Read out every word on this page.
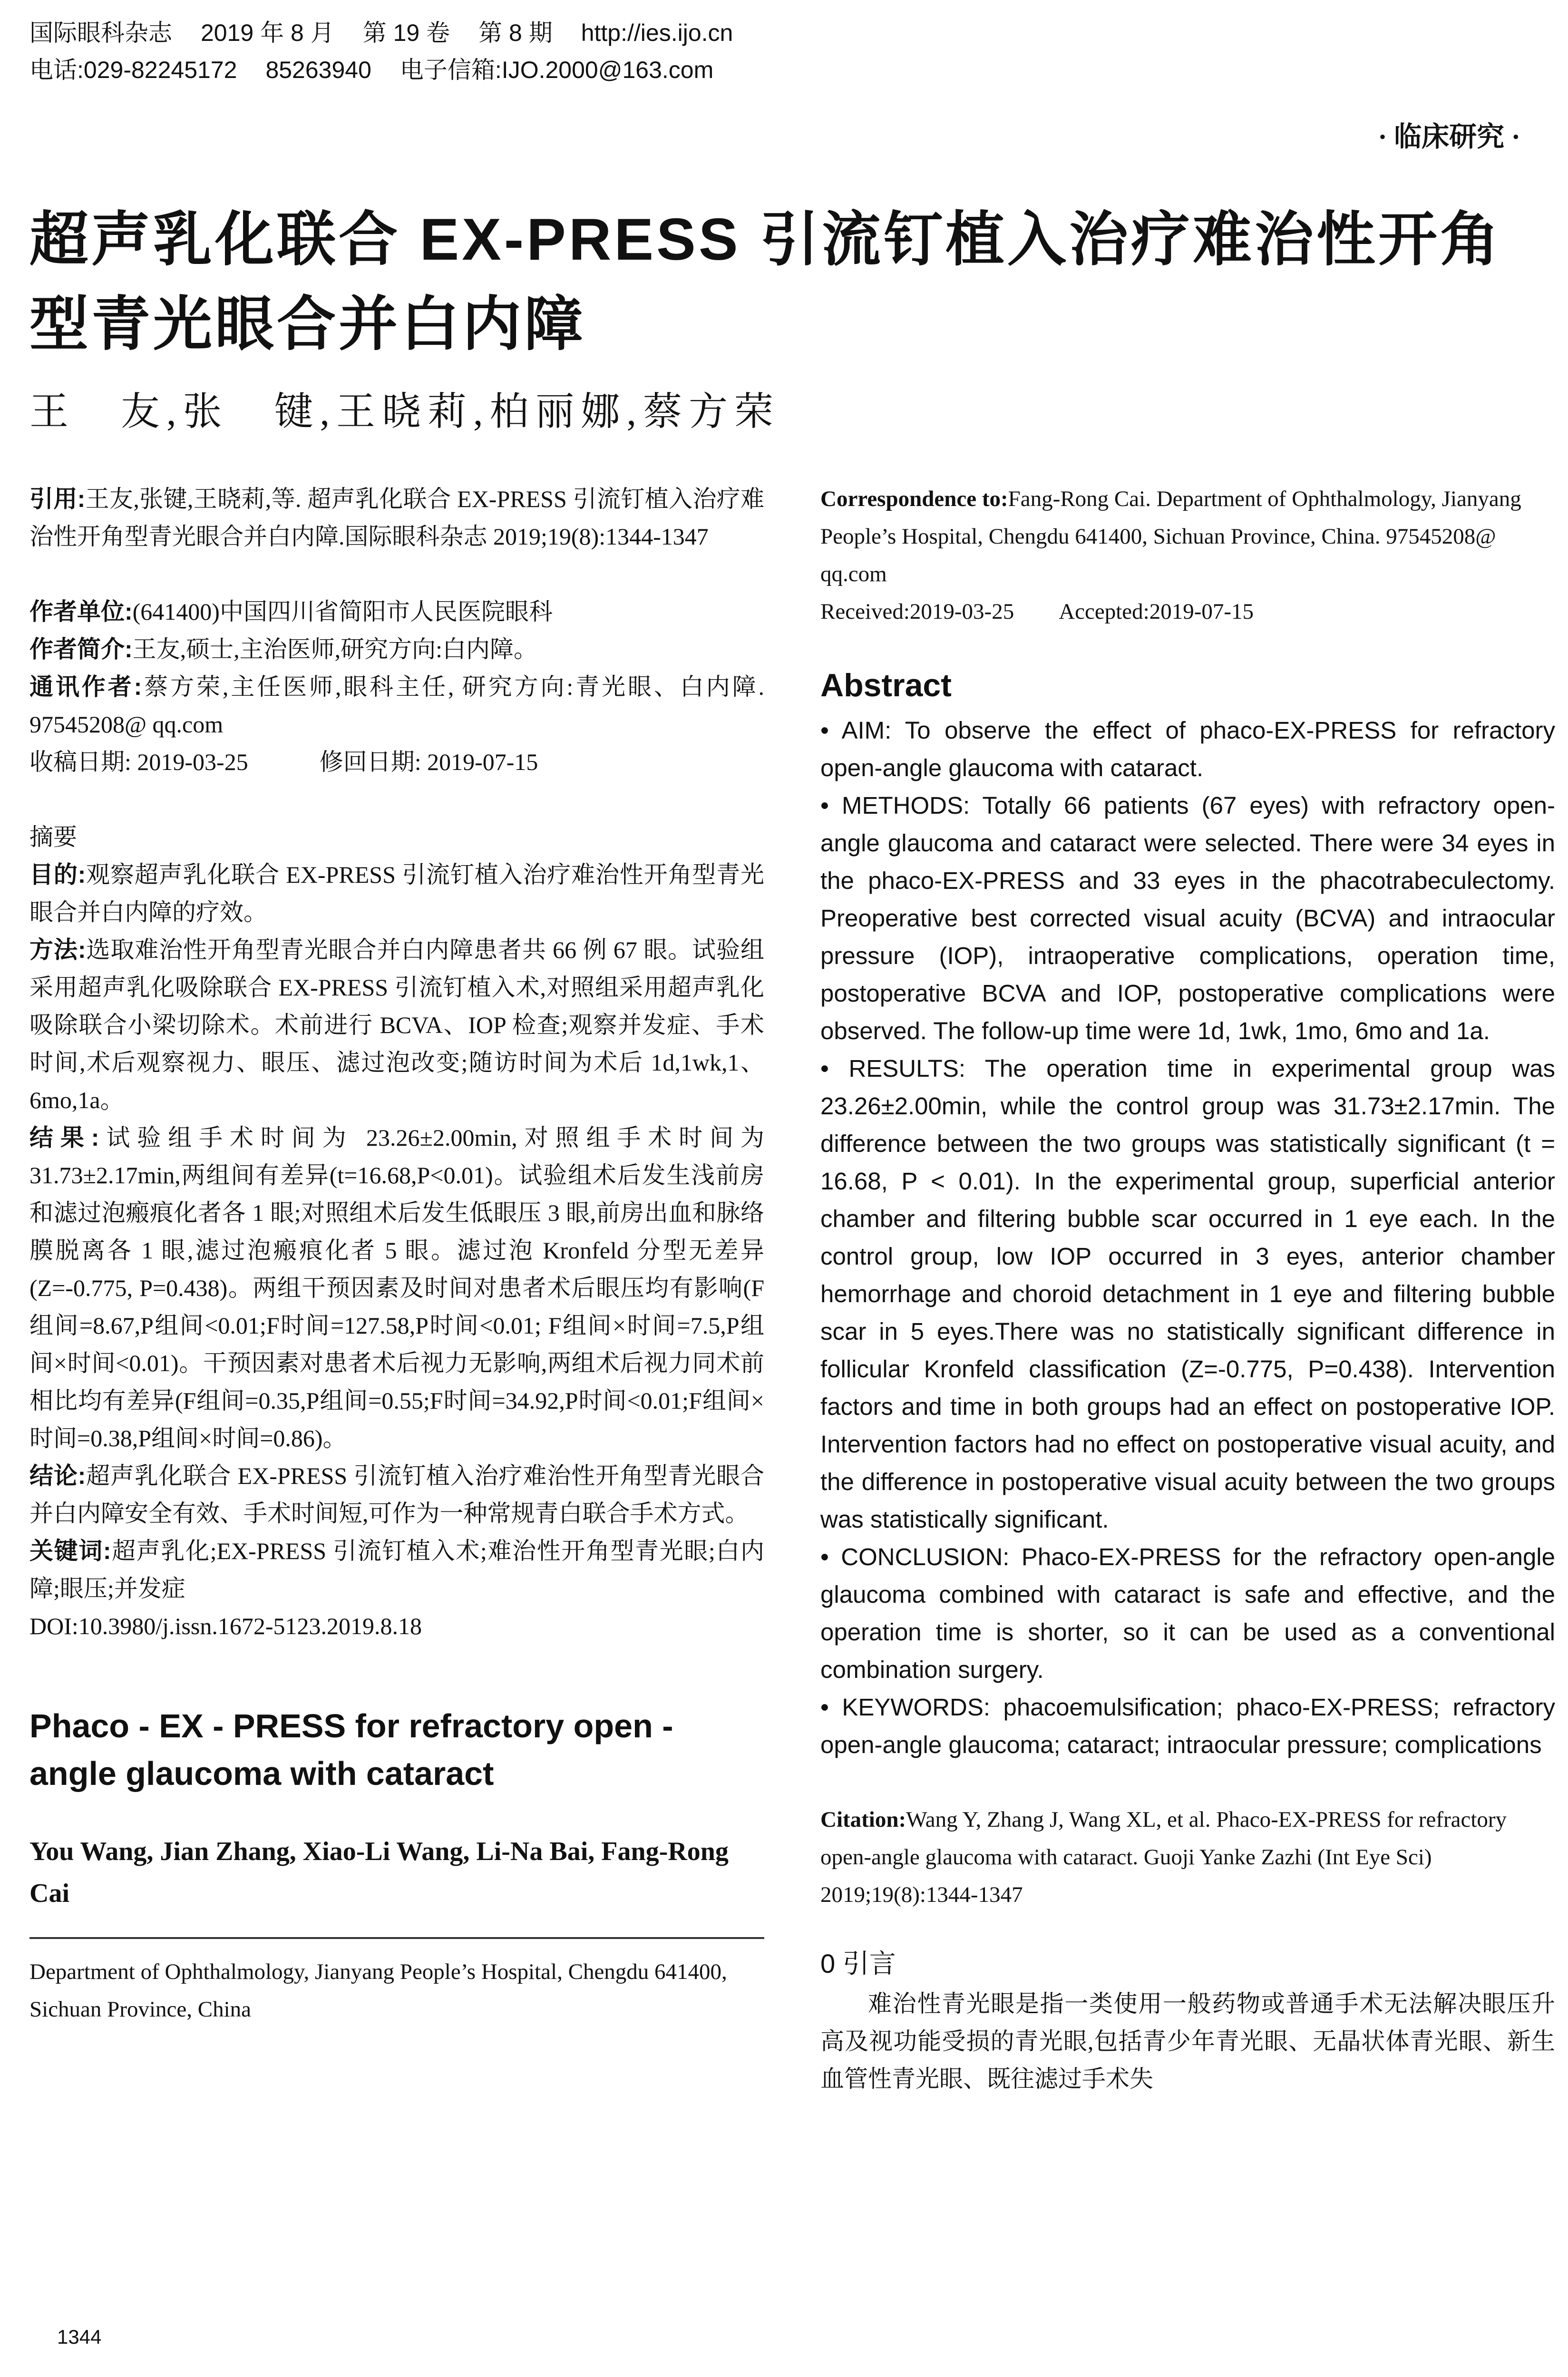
国际眼科杂志 2019 年 8 月 第 19 卷 第 8 期 http://ies.ijo.cn
电话:029-82245172 85263940 电子信箱:IJO.2000@163.com
· 临床研究 ·
超声乳化联合 EX-PRESS 引流钉植入治疗难治性开角型青光眼合并白内障
王　友,张　键,王晓莉,柏丽娜,蔡方荣

引用:王友,张键,王晓莉,等. 超声乳化联合 EX-PRESS 引流钉植入治疗难治性开角型青光眼合并白内障.国际眼科杂志 2019;19(8):1344-1347

作者单位:(641400)中国四川省简阳市人民医院眼科

作者简介:王友,硕士,主治医师,研究方向:白内障。

通讯作者:蔡方荣,主任医师,眼科主任, 研究方向:青光眼、白内障. 97545208@ qq.com

收稿日期: 2019-03-25　　　修回日期: 2019-07-15

摘要

目的:观察超声乳化联合 EX-PRESS 引流钉植入治疗难治性开角型青光眼合并白内障的疗效。

方法:选取难治性开角型青光眼合并白内障患者共 66 例 67 眼。试验组采用超声乳化吸除联合 EX-PRESS 引流钉植入术,对照组采用超声乳化吸除联合小梁切除术。术前进行 BCVA、IOP 检查;观察并发症、手术时间,术后观察视力、眼压、滤过泡改变;随访时间为术后 1d,1wk,1、6mo,1a。

结果:试验组手术时间为 23.26±2.00min,对照组手术时间为31.73±2.17min,两组间有差异(t=16.68,P<0.01)。试验组术后发生浅前房和滤过泡瘢痕化者各 1 眼;对照组术后发生低眼压 3 眼,前房出血和脉络膜脱离各 1 眼,滤过泡瘢痕化者 5 眼。滤过泡 Kronfeld 分型无差异(Z=-0.775, P=0.438)。两组干预因素及时间对患者术后眼压均有影响(F组间=8.67,P组间<0.01;F时间=127.58,P时间<0.01; F组间×时间=7.5,P组间×时间<0.01)。干预因素对患者术后视力无影响,两组术后视力同术前相比均有差异(F组间=0.35,P组间=0.55;F时间=34.92,P时间<0.01;F组间×时间=0.38,P组间×时间=0.86)。

结论:超声乳化联合 EX-PRESS 引流钉植入治疗难治性开角型青光眼合并白内障安全有效、手术时间短,可作为一种常规青白联合手术方式。

关键词:超声乳化;EX-PRESS 引流钉植入术;难治性开角型青光眼;白内障;眼压;并发症

DOI:10.3980/j.issn.1672-5123.2019.8.18

Phaco - EX - PRESS for refractory open - angle glaucoma with cataract

You Wang, Jian Zhang, Xiao-Li Wang, Li-Na Bai, Fang-Rong Cai

Department of Ophthalmology, Jianyang People’s Hospital, Chengdu 641400, Sichuan Province, China

Correspondence to:Fang-Rong Cai. Department of Ophthalmology, Jianyang People’s Hospital, Chengdu 641400, Sichuan Province, China. 97545208@ qq.com

Received:2019-03-25　　Accepted:2019-07-15

Abstract

• AIM: To observe the effect of phaco-EX-PRESS for refractory open-angle glaucoma with cataract.

• METHODS: Totally 66 patients (67 eyes) with refractory open-angle glaucoma and cataract were selected. There were 34 eyes in the phaco-EX-PRESS and 33 eyes in the phacotrabeculectomy. Preoperative best corrected visual acuity (BCVA) and intraocular pressure (IOP), intraoperative complications, operation time, postoperative BCVA and IOP, postoperative complications were observed. The follow-up time were 1d, 1wk, 1mo, 6mo and 1a.

• RESULTS: The operation time in experimental group was 23.26±2.00min, while the control group was 31.73±2.17min. The difference between the two groups was statistically significant (t = 16.68, P < 0.01). In the experimental group, superficial anterior chamber and filtering bubble scar occurred in 1 eye each. In the control group, low IOP occurred in 3 eyes, anterior chamber hemorrhage and choroid detachment in 1 eye and filtering bubble scar in 5 eyes.There was no statistically significant difference in follicular Kronfeld classification (Z=-0.775, P=0.438). Intervention factors and time in both groups had an effect on postoperative IOP. Intervention factors had no effect on postoperative visual acuity, and the difference in postoperative visual acuity between the two groups was statistically significant.

• CONCLUSION: Phaco-EX-PRESS for the refractory open-angle glaucoma combined with cataract is safe and effective, and the operation time is shorter, so it can be used as a conventional combination surgery.

• KEYWORDS: phacoemulsification; phaco-EX-PRESS; refractory open-angle glaucoma; cataract; intraocular pressure; complications

Citation:Wang Y, Zhang J, Wang XL, et al. Phaco-EX-PRESS for refractory open-angle glaucoma with cataract. Guoji Yanke Zazhi (Int Eye Sci) 2019;19(8):1344-1347

0 引言

难治性青光眼是指一类使用一般药物或普通手术无法解决眼压升高及视功能受损的青光眼,包括青少年青光眼、无晶状体青光眼、新生血管性青光眼、既往滤过手术失

1344
